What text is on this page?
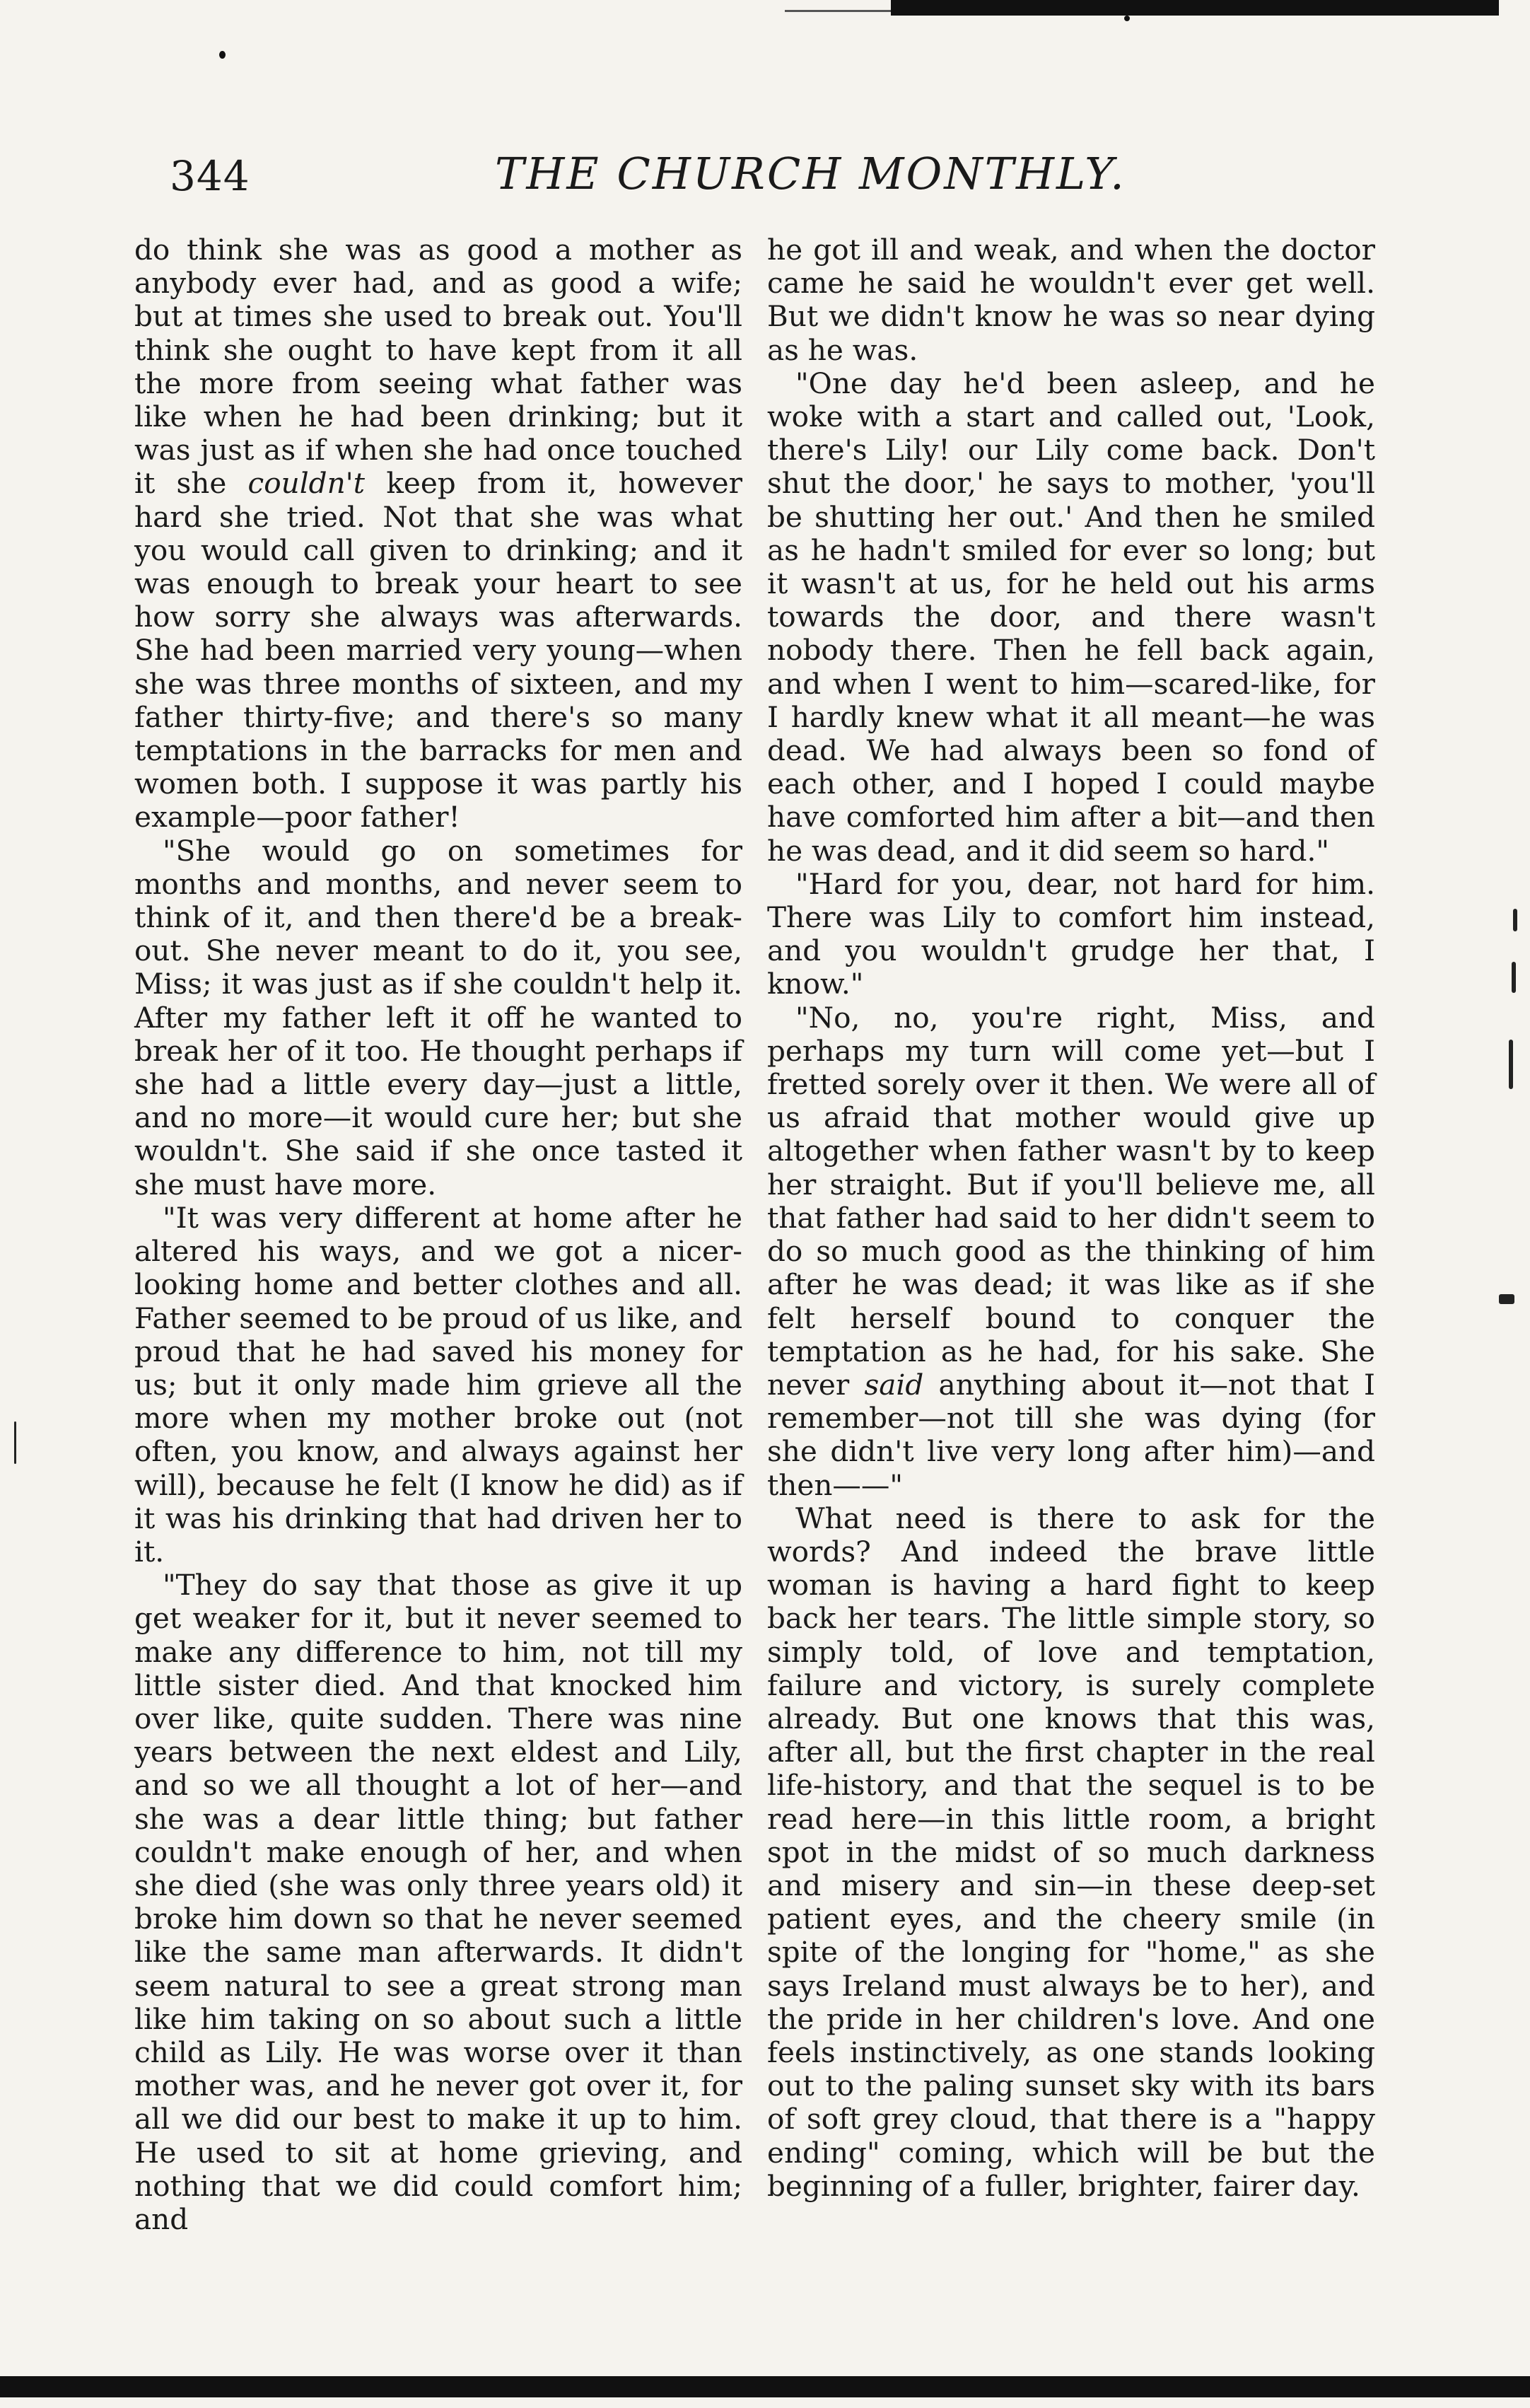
344	THE CHURCH MONTHLY.

do think she was as good a mother as anybody ever had, and as good a wife; but at times she used to break out. You'll think she ought to have kept from it all the more from seeing what father was like when he had been drinking; but it was just as if when she had once touched it she couldn't keep from it, however hard she tried. Not that she was what you would call given to drinking; and it was enough to break your heart to see how sorry she always was afterwards. She had been married very young—when she was three months of sixteen, and my father thirty-five; and there's so many temptations in the barracks for men and women both. I suppose it was partly his example—poor father!

"She would go on sometimes for months and months, and never seem to think of it, and then there'd be a break-out. She never meant to do it, you see, Miss; it was just as if she couldn't help it. After my father left it off he wanted to break her of it too. He thought perhaps if she had a little every day—just a little, and no more—it would cure her; but she wouldn't. She said if she once tasted it she must have more.

"It was very different at home after he altered his ways, and we got a nicer-looking home and better clothes and all. Father seemed to be proud of us like, and proud that he had saved his money for us; but it only made him grieve all the more when my mother broke out (not often, you know, and always against her will), because he felt (I know he did) as if it was his drinking that had driven her to it.

"They do say that those as give it up get weaker for it, but it never seemed to make any difference to him, not till my little sister died. And that knocked him over like, quite sudden. There was nine years between the next eldest and Lily, and so we all thought a lot of her—and she was a dear little thing; but father couldn't make enough of her, and when she died (she was only three years old) it broke him down so that he never seemed like the same man afterwards. It didn't seem natural to see a great strong man like him taking on so about such a little child as Lily. He was worse over it than mother was, and he never got over it, for all we did our best to make it up to him. He used to sit at home grieving, and nothing that we did could comfort him; and

he got ill and weak, and when the doctor came he said he wouldn't ever get well. But we didn't know he was so near dying as he was.

"One day he'd been asleep, and he woke with a start and called out, 'Look, there's Lily! our Lily come back. Don't shut the door,' he says to mother, 'you'll be shutting her out.' And then he smiled as he hadn't smiled for ever so long; but it wasn't at us, for he held out his arms towards the door, and there wasn't nobody there. Then he fell back again, and when I went to him—scared-like, for I hardly knew what it all meant—he was dead. We had always been so fond of each other, and I hoped I could maybe have comforted him after a bit—and then he was dead, and it did seem so hard."

"Hard for you, dear, not hard for him. There was Lily to comfort him instead, and you wouldn't grudge her that, I know."

"No, no, you're right, Miss, and perhaps my turn will come yet—but I fretted sorely over it then. We were all of us afraid that mother would give up altogether when father wasn't by to keep her straight. But if you'll believe me, all that father had said to her didn't seem to do so much good as the thinking of him after he was dead; it was like as if she felt herself bound to conquer the temptation as he had, for his sake. She never said anything about it—not that I remember—not till she was dying (for she didn't live very long after him)—and then——"

What need is there to ask for the words? And indeed the brave little woman is having a hard fight to keep back her tears. The little simple story, so simply told, of love and temptation, failure and victory, is surely complete already. But one knows that this was, after all, but the first chapter in the real life-history, and that the sequel is to be read here—in this little room, a bright spot in the midst of so much darkness and misery and sin—in these deep-set patient eyes, and the cheery smile (in spite of the longing for "home," as she says Ireland must always be to her), and the pride in her children's love. And one feels instinctively, as one stands looking out to the paling sunset sky with its bars of soft grey cloud, that there is a "happy ending" coming, which will be but the beginning of a fuller, brighter, fairer day.
